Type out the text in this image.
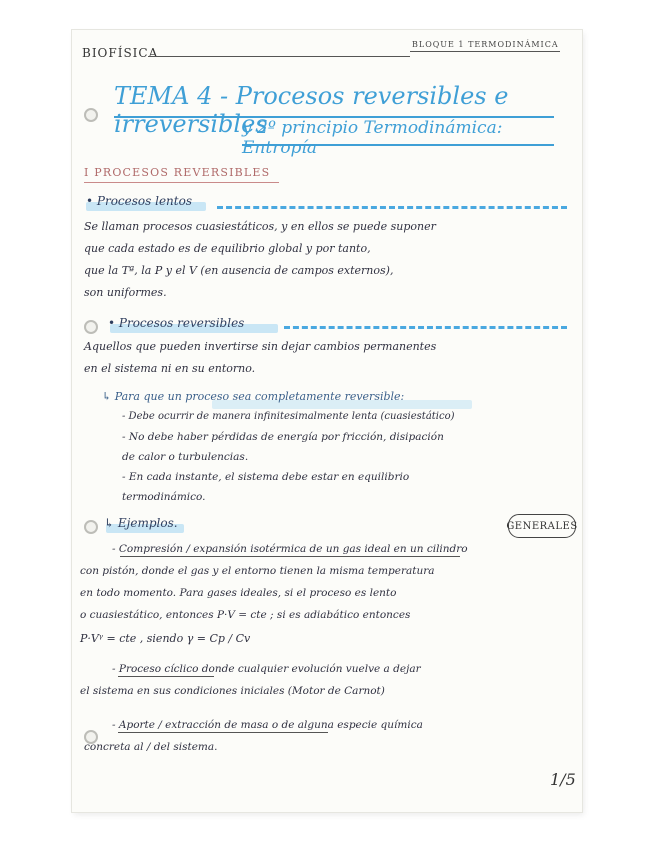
BIOFÍSICA
BLOQUE 1 TERMODINÁMICA
TEMA 4 - Procesos reversibles e irreversibles
y 2º principio Termodinámica: Entropía
I PROCESOS REVERSIBLES
• Procesos lentos
Se llaman procesos cuasiestáticos, y en ellos se puede suponer
que cada estado es de equilibrio global y por tanto,
que la Tª, la P y el V (en ausencia de campos externos),
son uniformes.
• Procesos reversibles
Aquellos que pueden invertirse sin dejar cambios permanentes
en el sistema ni en su entorno.
↳ Para que un proceso sea completamente reversible:
- Debe ocurrir de manera infinitesimalmente lenta (cuasiestático)
- No debe haber pérdidas de energía por fricción, disipación
de calor o turbulencias.
- En cada instante, el sistema debe estar en equilibrio
termodinámico.
↳ Ejemplos.	GENERALES
- Compresión / expansión isotérmica de un gas ideal en un cilindro
con pistón, donde el gas y el entorno tienen la misma temperatura
en todo momento. Para gases ideales, si el proceso es lento
o cuasiestático, entonces P·V = cte ; si es adiabático entonces
P·Vᵞ = cte , siendo γ = Cp / Cv
- Proceso cíclico donde cualquier evolución vuelve a dejar
el sistema en sus condiciones iniciales (Motor de Carnot)
- Aporte / extracción de masa o de alguna especie química
concreta al / del sistema.
1/5
